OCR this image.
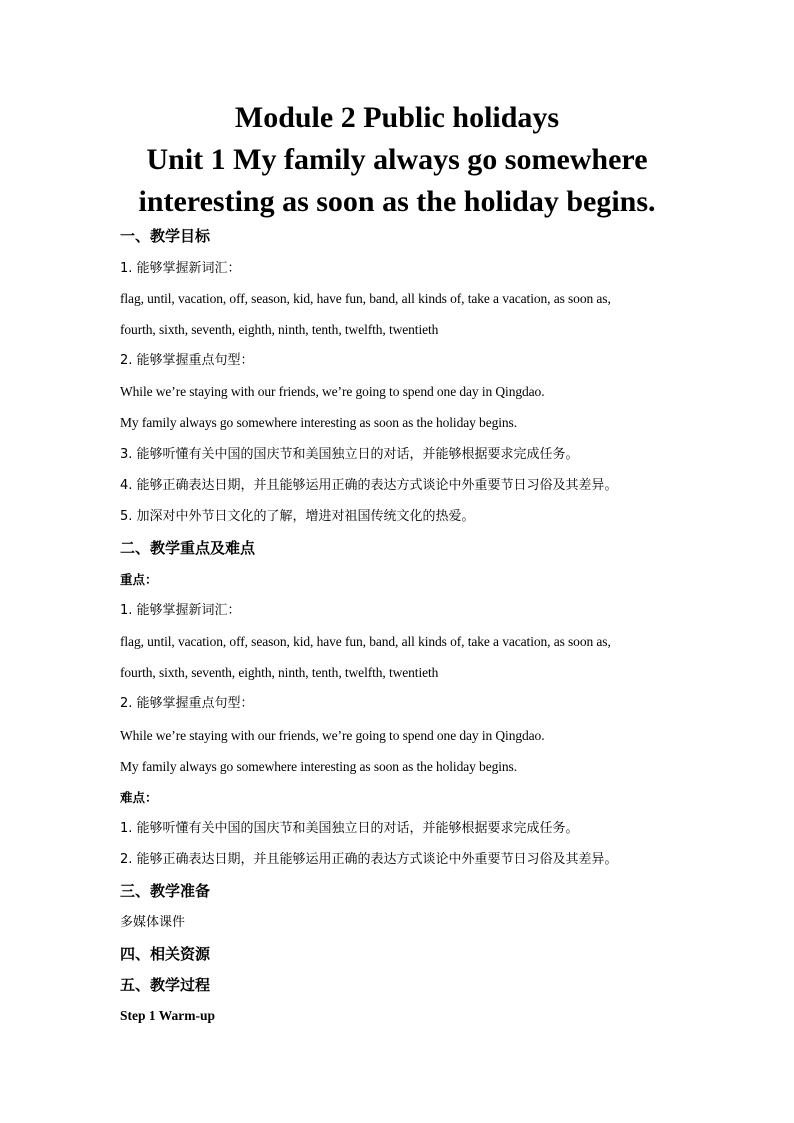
Module 2 Public holidays
Unit 1 My family always go somewhere
interesting as soon as the holiday begins.
一、教学目标
1. 能够掌握新词汇：
flag, until, vacation, off, season, kid, have fun, band, all kinds of, take a vacation, as soon as,
fourth, sixth, seventh, eighth, ninth, tenth, twelfth, twentieth
2. 能够掌握重点句型：
While we’re staying with our friends, we’re going to spend one day in Qingdao.
My family always go somewhere interesting as soon as the holiday begins.
3. 能够听懂有关中国的国庆节和美国独立日的对话，并能够根据要求完成任务。
4. 能够正确表达日期，并且能够运用正确的表达方式谈论中外重要节日习俗及其差异。
5. 加深对中外节日文化的了解，增进对祖国传统文化的热爱。
二、教学重点及难点
重点：
1. 能够掌握新词汇：
flag, until, vacation, off, season, kid, have fun, band, all kinds of, take a vacation, as soon as,
fourth, sixth, seventh, eighth, ninth, tenth, twelfth, twentieth
2. 能够掌握重点句型：
While we’re staying with our friends, we’re going to spend one day in Qingdao.
My family always go somewhere interesting as soon as the holiday begins.
难点：
1. 能够听懂有关中国的国庆节和美国独立日的对话，并能够根据要求完成任务。
2. 能够正确表达日期，并且能够运用正确的表达方式谈论中外重要节日习俗及其差异。
三、教学准备
多媒体课件
四、相关资源
五、教学过程
Step 1 Warm-up
